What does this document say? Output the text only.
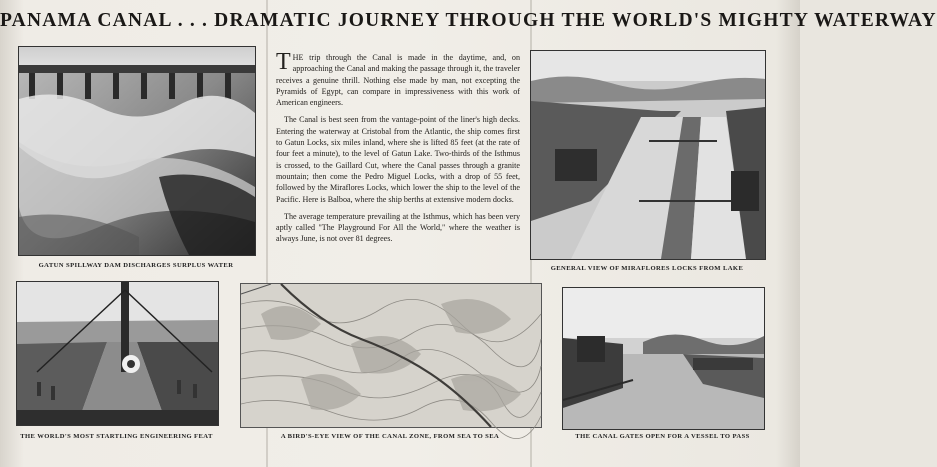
PANAMA CANAL . . . DRAMATIC JOURNEY THROUGH THE WORLD'S MIGHTY WATERWAY
GATUN SPILLWAY DAM DISCHARGES SURPLUS WATER

THE trip through the Canal is made in the daytime, and, on approaching the Canal and making the passage through it, the traveler receives a genuine thrill. Nothing else made by man, not excepting the Pyramids of Egypt, can compare in impressiveness with this work of American engineers.

The Canal is best seen from the vantage-point of the liner's high decks. Entering the waterway at Cristobal from the Atlantic, the ship comes first to Gatun Locks, six miles inland, where she is lifted 85 feet (at the rate of four feet a minute), to the level of Gatun Lake. Two-thirds of the Isthmus is crossed, to the Gaillard Cut, where the Canal passes through a granite mountain; then come the Pedro Miguel Locks, with a drop of 55 feet, followed by the Miraflores Locks, which lower the ship to the level of the Pacific. Here is Balboa, where the ship berths at extensive modern docks.

The average temperature prevailing at the Isthmus, which has been very aptly called "The Playground For All the World," where the weather is always June, is not over 81 degrees.

GENERAL VIEW OF MIRAFLORES LOCKS FROM LAKE
THE WORLD'S MOST STARTLING ENGINEERING FEAT	A BIRD'S-EYE VIEW OF THE CANAL ZONE, FROM SEA TO SEA	THE CANAL GATES OPEN FOR A VESSEL TO PASS
